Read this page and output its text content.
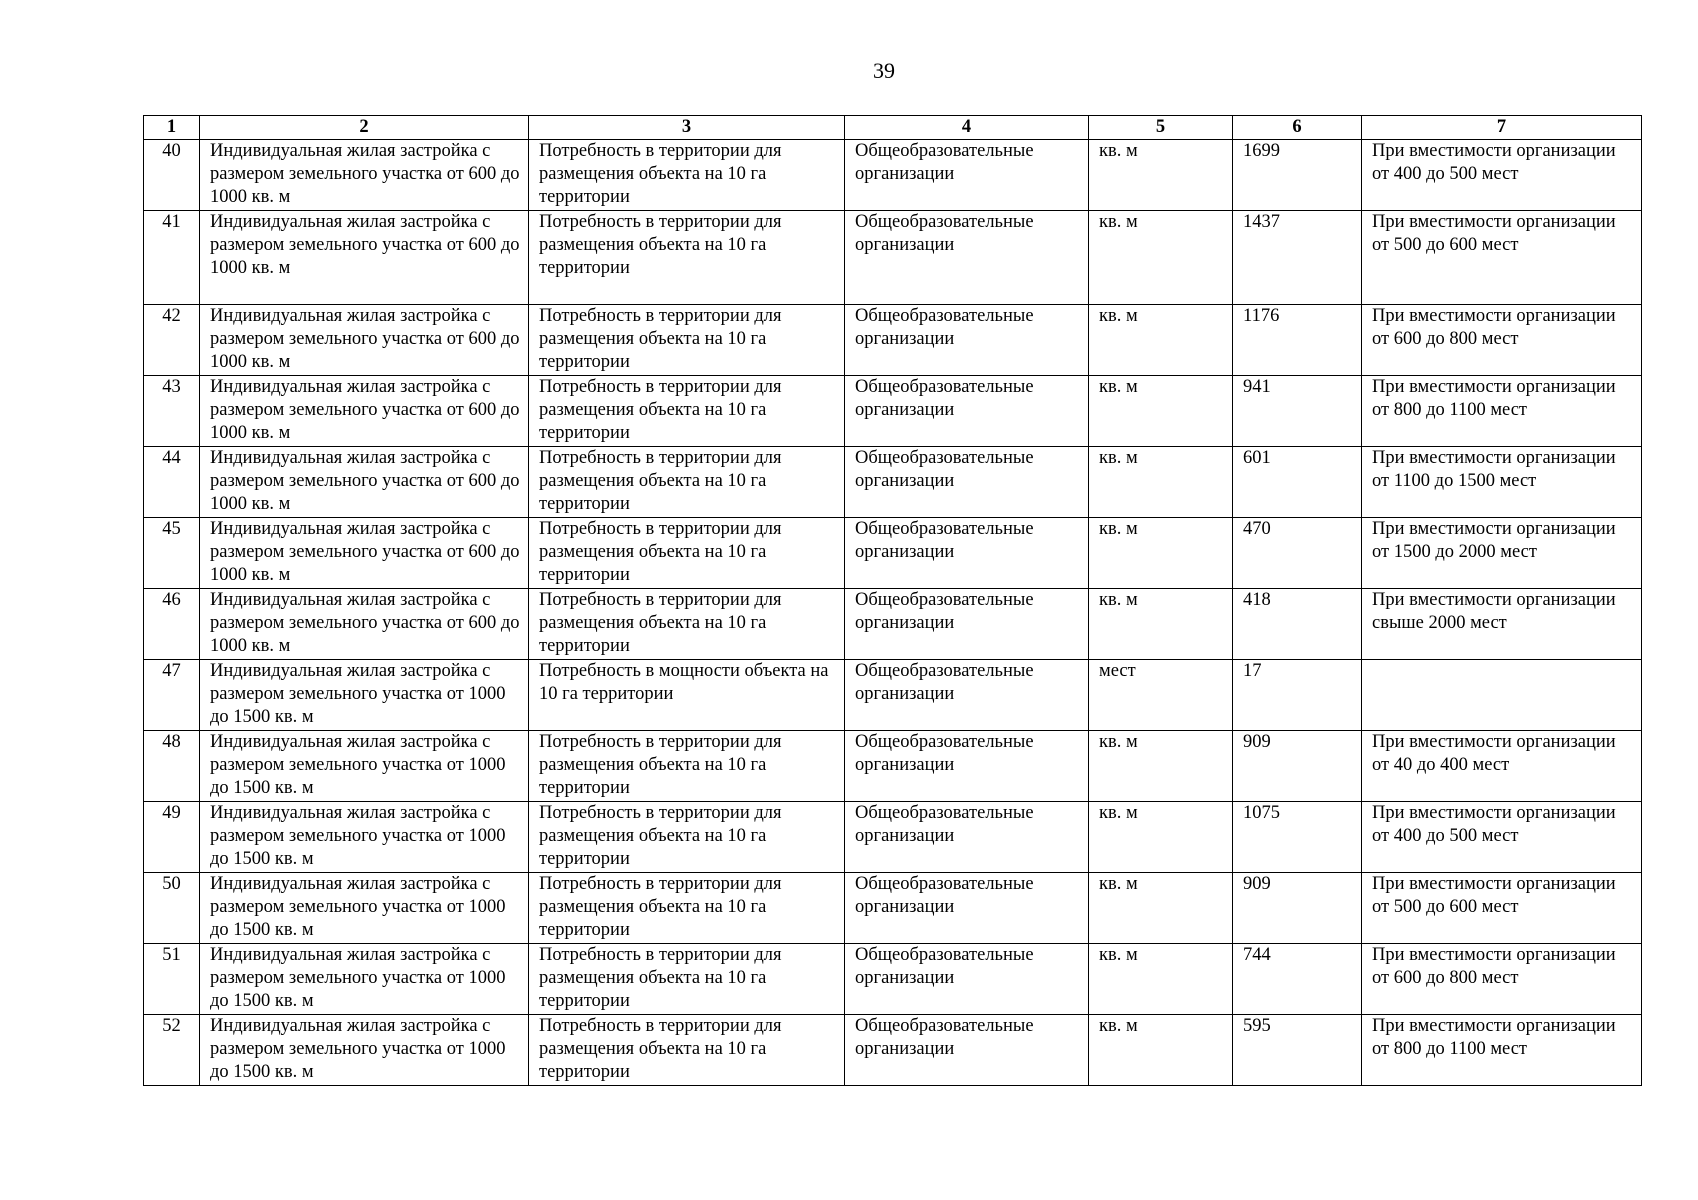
39
1	2	3	4	5	6	7
40	Индивидуальная жилая застройка с размером земельного участка от 600 до 1000 кв. м	Потребность в территории для размещения объекта на 10 га территории	Общеобразовательные организации	кв. м	1699	При вместимости организации от 400 до 500 мест
41	Индивидуальная жилая застройка с размером земельного участка от 600 до 1000 кв. м	Потребность в территории для размещения объекта на 10 га территории	Общеобразовательные организации	кв. м	1437	При вместимости организации от 500 до 600 мест
42	Индивидуальная жилая застройка с размером земельного участка от 600 до 1000 кв. м	Потребность в территории для размещения объекта на 10 га территории	Общеобразовательные организации	кв. м	1176	При вместимости организации от 600 до 800 мест
43	Индивидуальная жилая застройка с размером земельного участка от 600 до 1000 кв. м	Потребность в территории для размещения объекта на 10 га территории	Общеобразовательные организации	кв. м	941	При вместимости организации от 800 до 1100 мест
44	Индивидуальная жилая застройка с размером земельного участка от 600 до 1000 кв. м	Потребность в территории для размещения объекта на 10 га территории	Общеобразовательные организации	кв. м	601	При вместимости организации от 1100 до 1500 мест
45	Индивидуальная жилая застройка с размером земельного участка от 600 до 1000 кв. м	Потребность в территории для размещения объекта на 10 га территории	Общеобразовательные организации	кв. м	470	При вместимости организации от 1500 до 2000 мест
46	Индивидуальная жилая застройка с размером земельного участка от 600 до 1000 кв. м	Потребность в территории для размещения объекта на 10 га территории	Общеобразовательные организации	кв. м	418	При вместимости организации свыше 2000 мест
47	Индивидуальная жилая застройка с размером земельного участка от 1000 до 1500 кв. м	Потребность в мощности объекта на 10 га территории	Общеобразовательные организации	мест	17	
48	Индивидуальная жилая застройка с размером земельного участка от 1000 до 1500 кв. м	Потребность в территории для размещения объекта на 10 га территории	Общеобразовательные организации	кв. м	909	При вместимости организации от 40 до 400 мест
49	Индивидуальная жилая застройка с размером земельного участка от 1000 до 1500 кв. м	Потребность в территории для размещения объекта на 10 га территории	Общеобразовательные организации	кв. м	1075	При вместимости организации от 400 до 500 мест
50	Индивидуальная жилая застройка с размером земельного участка от 1000 до 1500 кв. м	Потребность в территории для размещения объекта на 10 га территории	Общеобразовательные организации	кв. м	909	При вместимости организации от 500 до 600 мест
51	Индивидуальная жилая застройка с размером земельного участка от 1000 до 1500 кв. м	Потребность в территории для размещения объекта на 10 га территории	Общеобразовательные организации	кв. м	744	При вместимости организации от 600 до 800 мест
52	Индивидуальная жилая застройка с размером земельного участка от 1000 до 1500 кв. м	Потребность в территории для размещения объекта на 10 га территории	Общеобразовательные организации	кв. м	595	При вместимости организации от 800 до 1100 мест
